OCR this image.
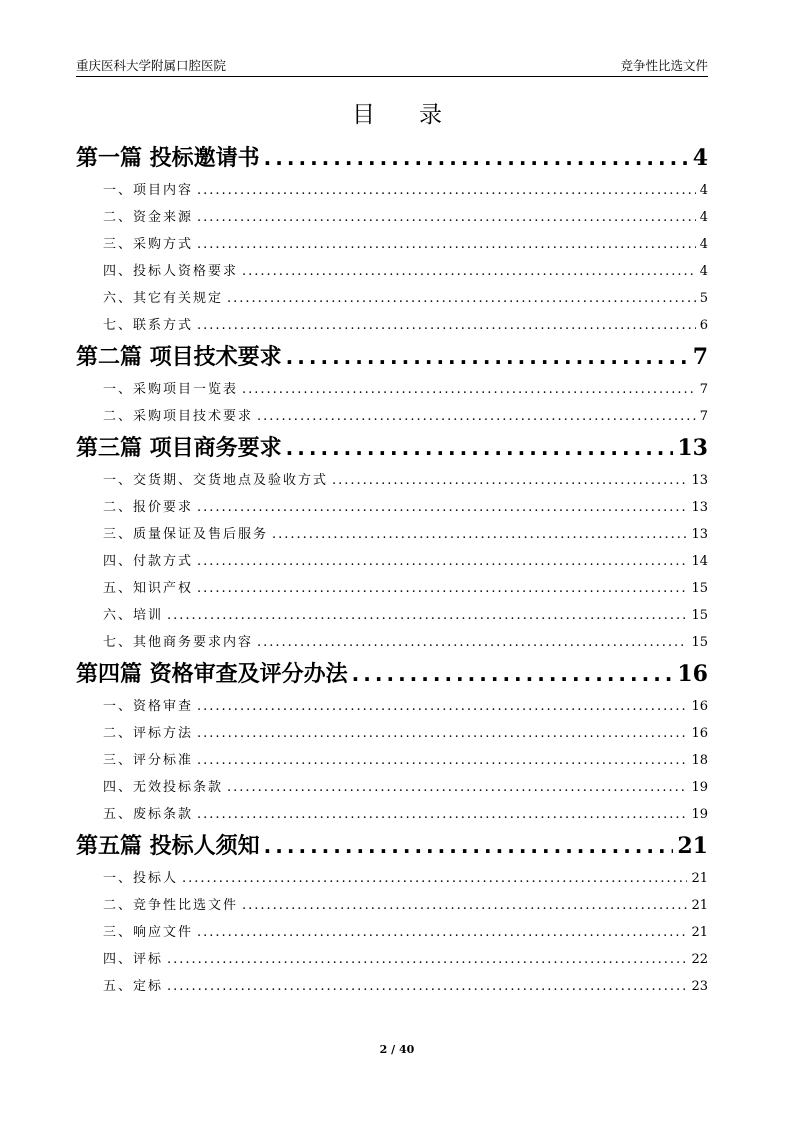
重庆医科大学附属口腔医院	竞争性比选文件
目录
第一篇 投标邀请书 .....	4
一、项目内容 .....	4
二、资金来源 .....	4
三、采购方式 .....	4
四、投标人资格要求 .....	4
六、其它有关规定 .....	5
七、联系方式 .....	6
第二篇 项目技术要求 .....	7
一、采购项目一览表 .....	7
二、采购项目技术要求 .....	7
第三篇 项目商务要求 .....	13
一、交货期、交货地点及验收方式 .....	13
二、报价要求 .....	13
三、质量保证及售后服务 .....	13
四、付款方式 .....	14
五、知识产权 .....	15
六、培训 .....	15
七、其他商务要求内容 .....	15
第四篇 资格审查及评分办法 .....	16
一、资格审查 .....	16
二、评标方法 .....	16
三、评分标准 .....	18
四、无效投标条款 .....	19
五、废标条款 .....	19
第五篇 投标人须知 .....	21
一、投标人 .....	21
二、竞争性比选文件 .....	21
三、响应文件 .....	21
四、评标 .....	22
五、定标 .....	23
2 / 40
